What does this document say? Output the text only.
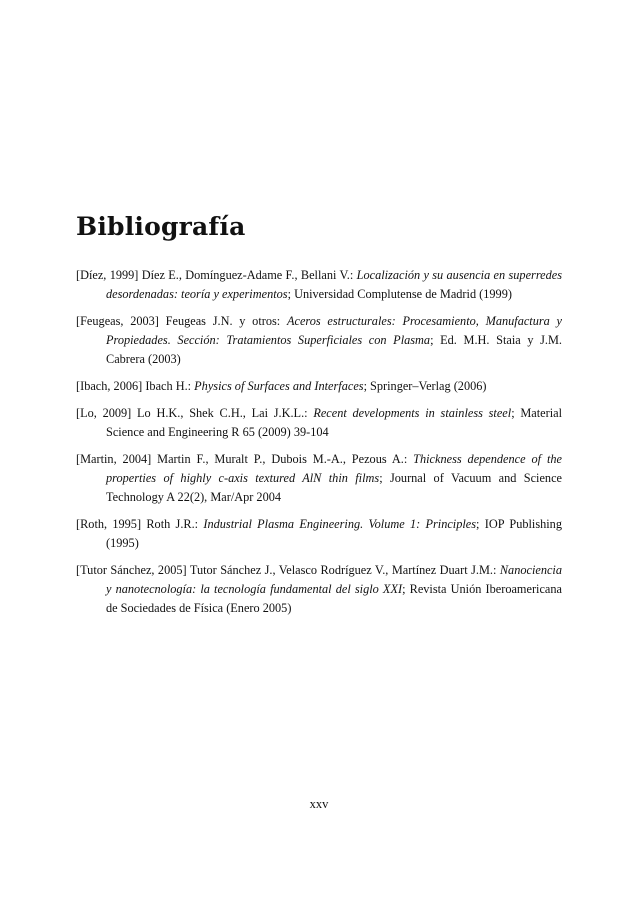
Bibliografía
[Díez, 1999] Díez E., Domínguez-Adame F., Bellani V.: Localización y su ausencia en superredes desordenadas: teoría y experimentos; Universidad Complutense de Madrid (1999)
[Feugeas, 2003] Feugeas J.N. y otros: Aceros estructurales: Procesamiento, Manufactura y Propiedades. Sección: Tratamientos Superficiales con Plasma; Ed. M.H. Staia y J.M. Cabrera (2003)
[Ibach, 2006] Ibach H.: Physics of Surfaces and Interfaces; Springer–Verlag (2006)
[Lo, 2009] Lo H.K., Shek C.H., Lai J.K.L.: Recent developments in stainless steel; Material Science and Engineering R 65 (2009) 39-104
[Martin, 2004] Martin F., Muralt P., Dubois M.-A., Pezous A.: Thickness dependence of the properties of highly c-axis textured AlN thin films; Journal of Vacuum and Science Technology A 22(2), Mar/Apr 2004
[Roth, 1995] Roth J.R.: Industrial Plasma Engineering. Volume 1: Principles; IOP Publishing (1995)
[Tutor Sánchez, 2005] Tutor Sánchez J., Velasco Rodríguez V., Martínez Duart J.M.: Nanociencia y nanotecnología: la tecnología fundamental del siglo XXI; Revista Unión Iberoamericana de Sociedades de Física (Enero 2005)
xxv
